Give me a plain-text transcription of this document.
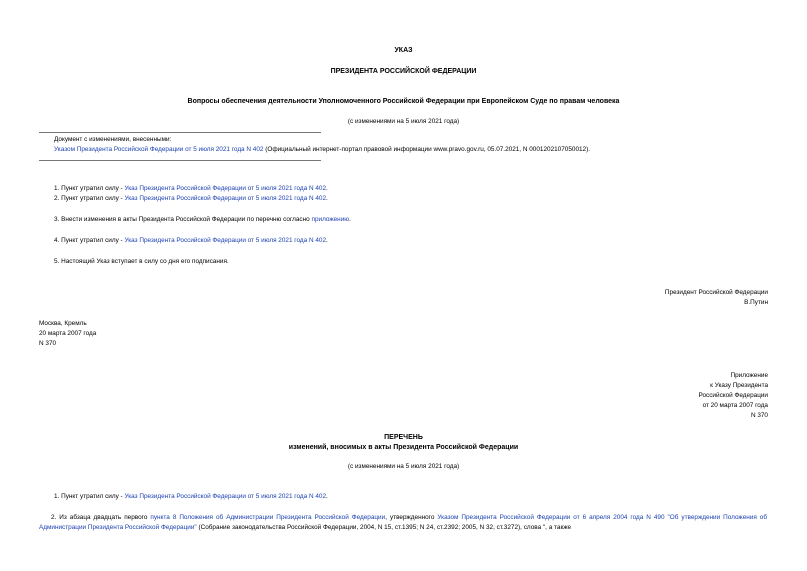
УКАЗ
ПРЕЗИДЕНТА РОССИЙСКОЙ ФЕДЕРАЦИИ
Вопросы обеспечения деятельности Уполномоченного Российской Федерации при Европейском Суде по правам человека
(с изменениями на 5 июля 2021 года)
Документ с изменениями, внесенными:
Указом Президента Российской Федерации от 5 июля 2021 года N 402 (Официальный интернет-портал правовой информации www.pravo.gov.ru, 05.07.2021, N 0001202107050012).
1. Пункт утратил силу - Указ Президента Российской Федерации от 5 июля 2021 года N 402.
2. Пункт утратил силу - Указ Президента Российской Федерации от 5 июля 2021 года N 402.
3. Внести изменения в акты Президента Российской Федерации по перечню согласно приложению.
4. Пункт утратил силу - Указ Президента Российской Федерации от 5 июля 2021 года N 402.
5. Настоящий Указ вступает в силу со дня его подписания.
Президент Российской Федерации
В.Путин
Москва, Кремль
20 марта 2007 года
N 370
Приложение
к Указу Президента
Российской Федерации
от 20 марта 2007 года
N 370
ПЕРЕЧЕНЬ
изменений, вносимых в акты Президента Российской Федерации
(с изменениями на 5 июля 2021 года)
1. Пункт утратил силу - Указ Президента Российской Федерации от 5 июля 2021 года N 402.
2. Из абзаца двадцать первого пункта 8 Положения об Администрации Президента Российской Федерации, утвержденного Указом Президента Российской Федерации от 6 апреля 2004 года N 490 "Об утверждении Положения об Администрации Президента Российской Федерации" (Собрание законодательства Российской Федерации, 2004, N 15, ст.1395; N 24, ст.2392; 2005, N 32, ст.3272), слова ", а также
